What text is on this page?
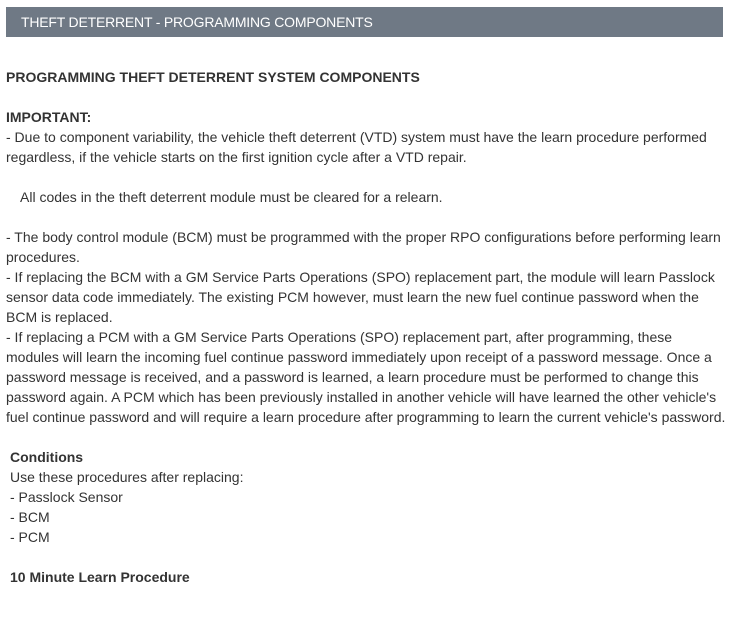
THEFT DETERRENT - PROGRAMMING COMPONENTS

PROGRAMMING THEFT DETERRENT SYSTEM COMPONENTS

IMPORTANT:

- Due to component variability, the vehicle theft deterrent (VTD) system must have the learn procedure performed regardless, if the vehicle starts on the first ignition cycle after a VTD repair.

All codes in the theft deterrent module must be cleared for a relearn.

- The body control module (BCM) must be programmed with the proper RPO configurations before performing learn procedures.

- If replacing the BCM with a GM Service Parts Operations (SPO) replacement part, the module will learn Passlock sensor data code immediately. The existing PCM however, must learn the new fuel continue password when the BCM is replaced.

- If replacing a PCM with a GM Service Parts Operations (SPO) replacement part, after programming, these modules will learn the incoming fuel continue password immediately upon receipt of a password message. Once a password message is received, and a password is learned, a learn procedure must be performed to change this password again. A PCM which has been previously installed in another vehicle will have learned the other vehicle's fuel continue password and will require a learn procedure after programming to learn the current vehicle's password.

Conditions

Use these procedures after replacing:

- Passlock Sensor

- BCM

- PCM

10 Minute Learn Procedure
